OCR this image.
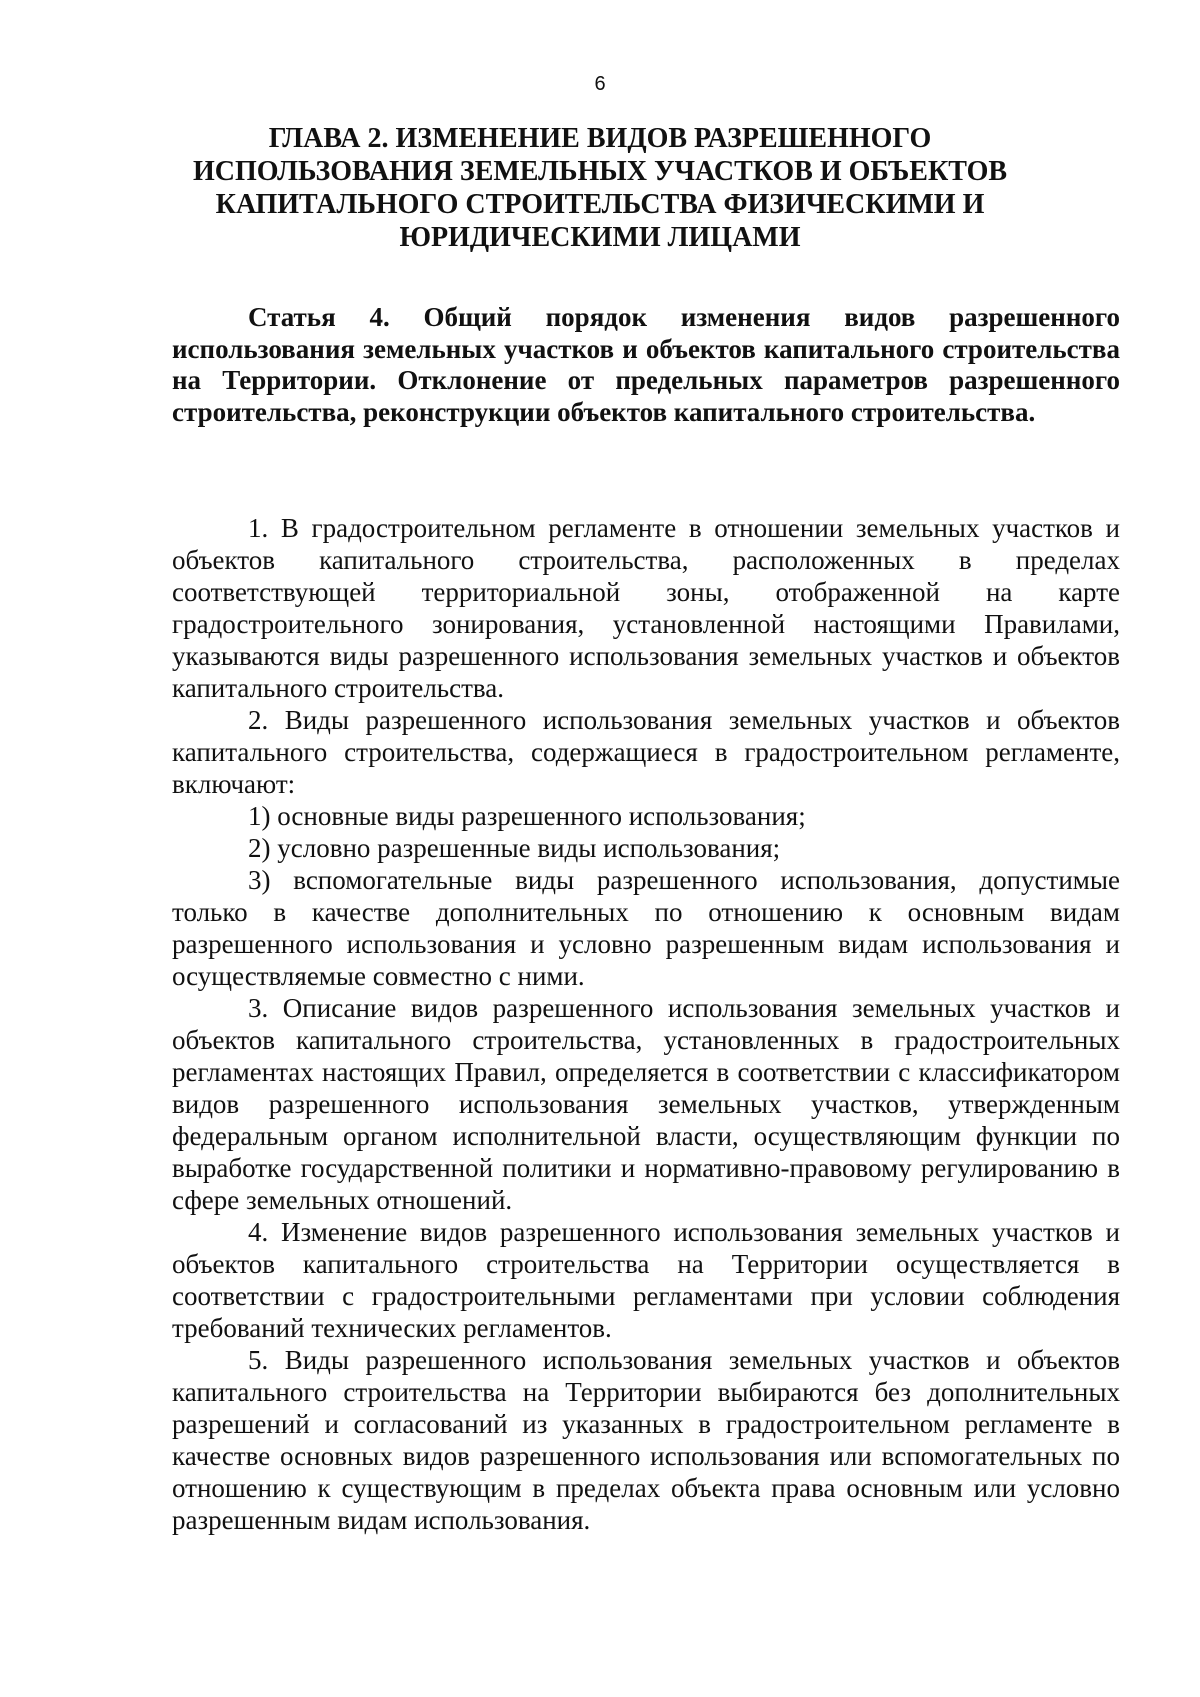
6
ГЛАВА 2. ИЗМЕНЕНИЕ ВИДОВ РАЗРЕШЕННОГО ИСПОЛЬЗОВАНИЯ ЗЕМЕЛЬНЫХ УЧАСТКОВ И ОБЪЕКТОВ КАПИТАЛЬНОГО СТРОИТЕЛЬСТВА ФИЗИЧЕСКИМИ И ЮРИДИЧЕСКИМИ ЛИЦАМИ
Статья 4. Общий порядок изменения видов разрешенного использования земельных участков и объектов капитального строительства на Территории. Отклонение от предельных параметров разрешенного строительства, реконструкции объектов капитального строительства.

1. В градостроительном регламенте в отношении земельных участков и объектов капитального строительства, расположенных в пределах соответствующей территориальной зоны, отображенной на карте градостроительного зонирования, установленной настоящими Правилами, указываются виды разрешенного использования земельных участков и объектов капитального строительства.

2. Виды разрешенного использования земельных участков и объектов капитального строительства, содержащиеся в градостроительном регламенте, включают:

1) основные виды разрешенного использования;

2) условно разрешенные виды использования;

3) вспомогательные виды разрешенного использования, допустимые только в качестве дополнительных по отношению к основным видам разрешенного использования и условно разрешенным видам использования и осуществляемые совместно с ними.

3. Описание видов разрешенного использования земельных участков и объектов капитального строительства, установленных в градостроительных регламентах настоящих Правил, определяется в соответствии с классификатором видов разрешенного использования земельных участков, утвержденным федеральным органом исполнительной власти, осуществляющим функции по выработке государственной политики и нормативно-правовому регулированию в сфере земельных отношений.

4. Изменение видов разрешенного использования земельных участков и объектов капитального строительства на Территории осуществляется в соответствии с градостроительными регламентами при условии соблюдения требований технических регламентов.

5. Виды разрешенного использования земельных участков и объектов капитального строительства на Территории выбираются без дополнительных разрешений и согласований из указанных в градостроительном регламенте в качестве основных видов разрешенного использования или вспомогательных по отношению к существующим в пределах объекта права основным или условно разрешенным видам использования.
